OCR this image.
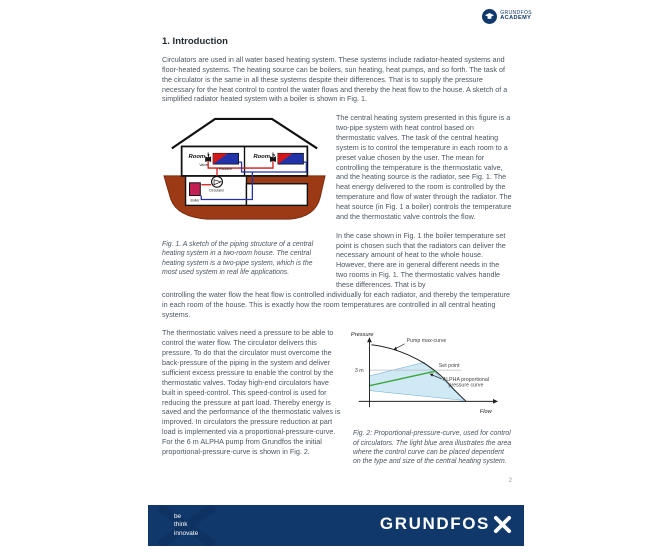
GRUNDFOS
ACADEMY
1. Introduction

Circulators are used in all water based heating system. These systems include radiator-heated systems and floor-heated systems. The heating source can be boilers, sun heating, heat pumps, and so forth. The task of the circulator is the same in all these systems despite their differences. That is to supply the pressure necessary for the heat control to control the water flows and thereby the heat flow to the house. A sketch of a simplified radiator heated system with a boiler is shown in Fig. 1.

Room 1	Room 2
Radiator
Valve
Circulator
Boiler
Fig. 1. A sketch of the piping structure of a central heating system in a two-room house. The central heating system is a two-pipe system, which is the most used system in real life applications.

The central heating system presented in this figure is a two-pipe system with heat control based on thermostatic valves. The task of the central heating system is to control the temperature in each room to a preset value chosen by the user. The mean for controlling the temperature is the thermostatic valve, and the heating source is the radiator, see Fig. 1. The heat energy delivered to the room is controlled by the temperature and flow of water through the radiator. The heat source (in Fig. 1 a boiler) controls the temperature and the thermostatic valve controls the flow.

In the case shown in Fig. 1 the boiler temperature set point is chosen such that the radiators can deliver the necessary amount of heat to the whole house. However, there are in general different needs in the two rooms in Fig. 1. The thermostatic valves handle these differences. That is by

controlling the water flow the heat flow is controlled individually for each radiator, and thereby the temperature in each room of the house. This is exactly how the room temperatures are controlled in all central heating systems.

The thermostatic valves need a pressure to be able to control the water flow. The circulator delivers this pressure. To do that the circulator must overcome the back-pressure of the piping in the system and deliver sufficient excess pressure to enable the control by the thermostatic valves. Today high-end circulators have built in speed-control. This speed-control is used for reducing the pressure at part load. Thereby energy is saved and the performance of the thermostatic valves is improved. In circulators the pressure reduction at part load is implemented via a proportional-pressure-curve. For the 6 m ALPHA pump from Grundfos the initial proportional-pressure-curve is shown in Fig. 2.

Pressure
Flow
3 m
Pump max-curve
Set point
ALPHA proportional
pressure curve
Fig. 2: Proportional-pressure-curve, used for control of circulators. The light blue area illustrates the area where the control curve can be placed dependent on the type and size of the central heating system.
2
be
think
innovate
GRUNDFOS
